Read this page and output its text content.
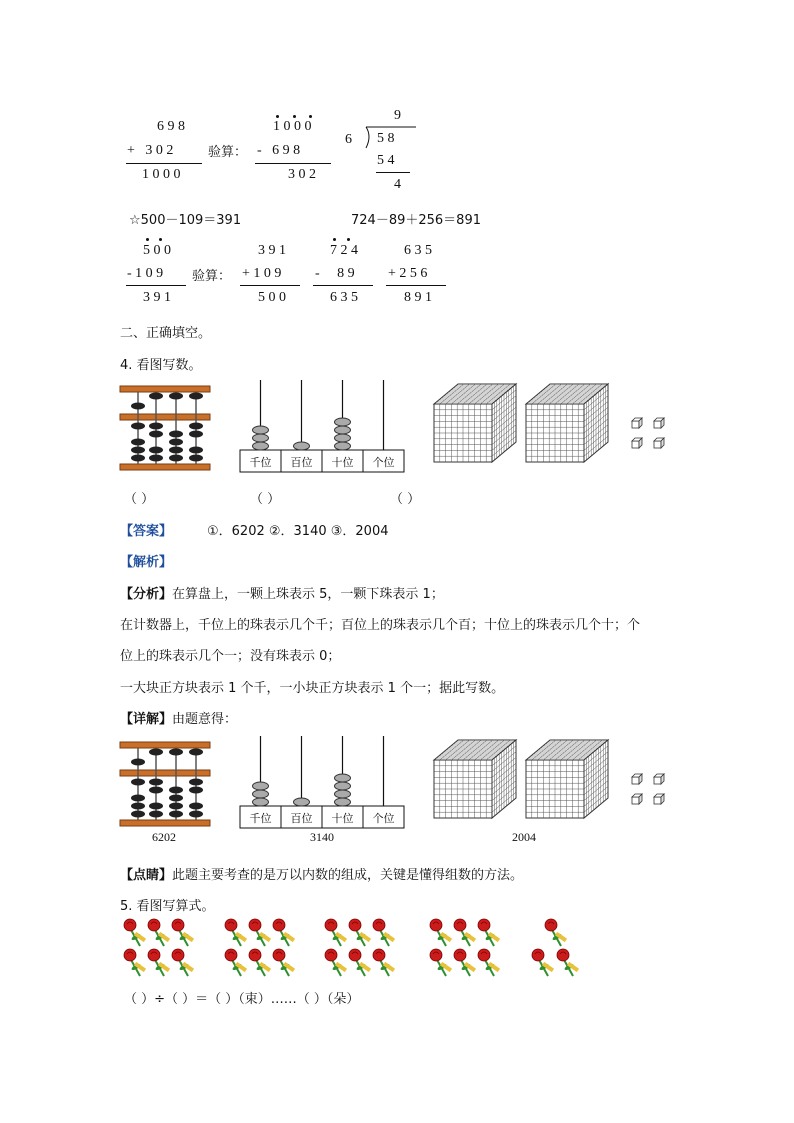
6 9 8
+   3 0 2
1 0 0 0
验算：
1 0 0 0
-   6 9 8
3 0 2
9
6 5 8
5 4
4
☆500－109＝391	724－89＋256＝891
5 0 0
- 1 0 9
3 9 1
验算：
3 9 1
+ 1 0 9
5 0 0
7 2 4
-     8 9
6 3 5
6 3 5
+ 2 5 6
8 9 1
二、正确填空。
4. 看图写数。
千位 百位 十位 个位
（ ）	（ ）	（ ）
【答案】	①．6202 ②．3140 ③．2004
【解析】
【分析】在算盘上，一颗上珠表示 5，一颗下珠表示 1；
在计数器上，千位上的珠表示几个千；百位上的珠表示几个百；十位上的珠表示几个十；个
位上的珠表示几个一；没有珠表示 0；
一大块正方块表示 1 个千，一小块正方块表示 1 个一；据此写数。
【详解】由题意得：
千位 百位 十位 个位
6202	3140	2004
【点睛】此题主要考查的是万以内数的组成，关键是懂得组数的方法。
5. 看图写算式。
（ ）÷（ ）＝（ ）（束）……（ ）（朵）
